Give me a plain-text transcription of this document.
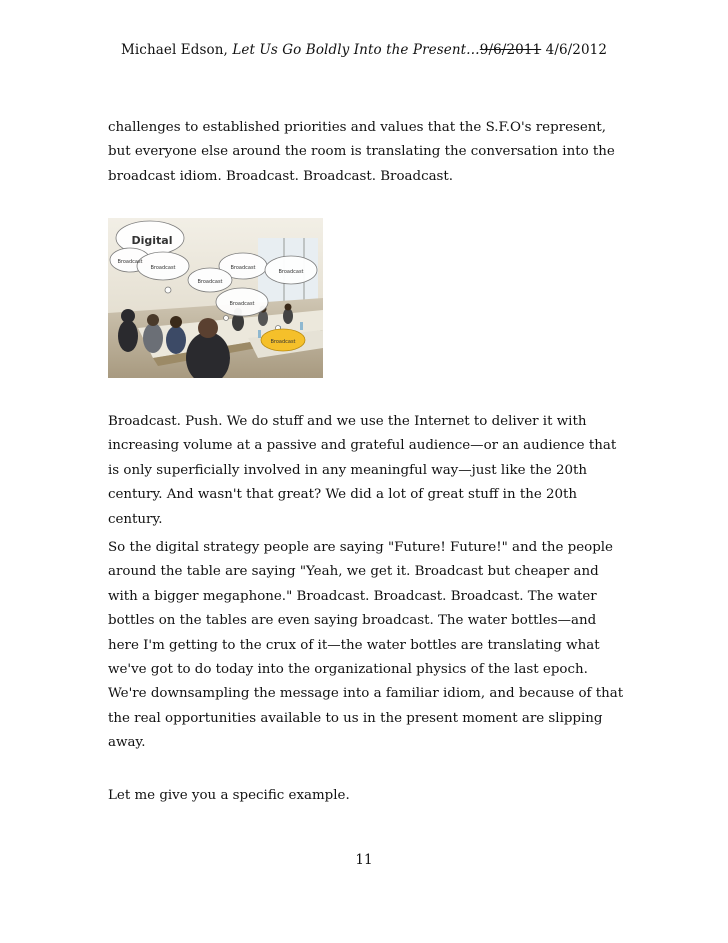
Michael Edson, Let Us Go Boldly Into the Present…9/6/2011 4/6/2012

challenges to established priorities and values that the S.F.O's represent, but everyone else around the room is translating the conversation into the broadcast idiom. Broadcast. Broadcast. Broadcast.

Digital
Broadcast
Broadcast	Broadcast
Broadcast
Broadcast
Broadcast
Broadcast

Broadcast. Push. We do stuff and we use the Internet to deliver it with increasing volume at a passive and grateful audience—or an audience that is only superficially involved in any meaningful way—just like the 20th century. And wasn't that great? We did a lot of great stuff in the 20th century.

So the digital strategy people are saying "Future! Future!" and the people around the table are saying "Yeah, we get it. Broadcast but cheaper and with a bigger megaphone." Broadcast. Broadcast. Broadcast. The water bottles on the tables are even saying broadcast. The water bottles—and here I'm getting to the crux of it—the water bottles are translating what we've got to do today into the organizational physics of the last epoch. We're downsampling the message into a familiar idiom, and because of that the real opportunities available to us in the present moment are slipping away.

Let me give you a specific example.

11
